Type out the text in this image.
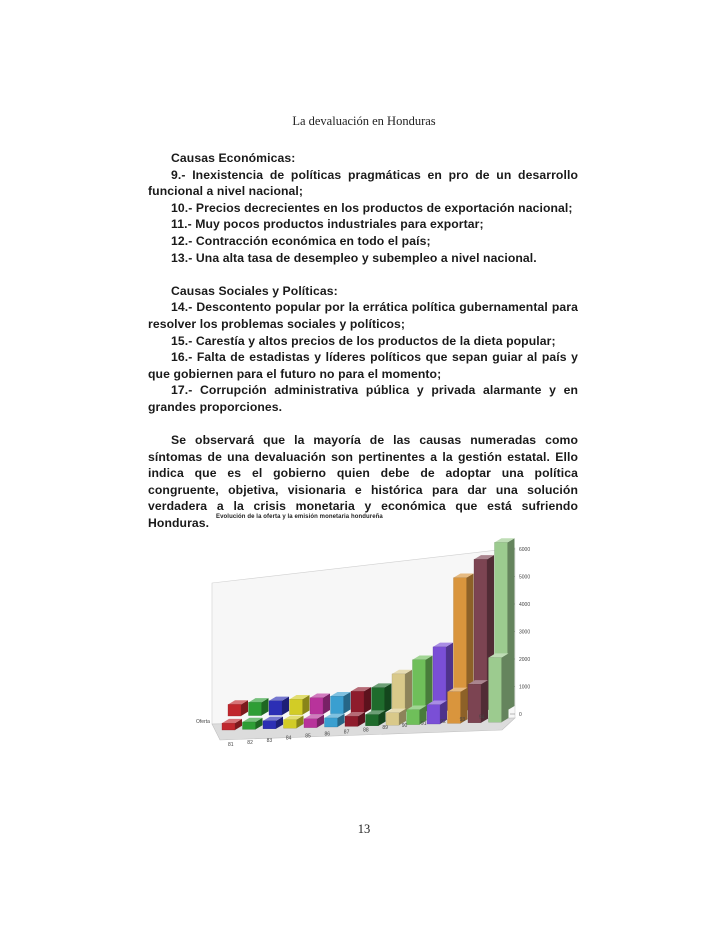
La devaluación en Honduras

Causas Económicas:

9.- Inexistencia de políticas pragmáticas en pro de un desarrollo funcional a nivel nacional;

10.- Precios decrecientes en los productos de exportación nacional;

11.- Muy pocos productos industriales para exportar;

12.- Contracción económica en todo el país;

13.- Una alta tasa de desempleo y subempleo a nivel nacional.

Causas Sociales y Políticas:

14.- Descontento popular por la errática política gubernamental para resolver los problemas sociales y políticos;

15.- Carestía y altos precios de los productos de la dieta popular;

16.- Falta de estadistas y líderes políticos que sepan guiar al país y que gobiernen para el futuro no para el momento;

17.- Corrupción administrativa pública y privada alarmante y en grandes proporciones.

Se observará que la mayoría de las causas numeradas como síntomas de una devaluación son pertinentes a la gestión estatal. Ello indica que es el gobierno quien debe de adoptar una política congruente, objetiva, visionaria e histórica para dar una solución verdadera a la crisis monetaria y económica que está sufriendo Honduras.	Evolución de la oferta y la emisión monetaria hondureña
0
1000
2000
3000
4000
5000
6000
Oferta
81	82	83	84	85	86	87	88	89	90	91	92	93	94
13
